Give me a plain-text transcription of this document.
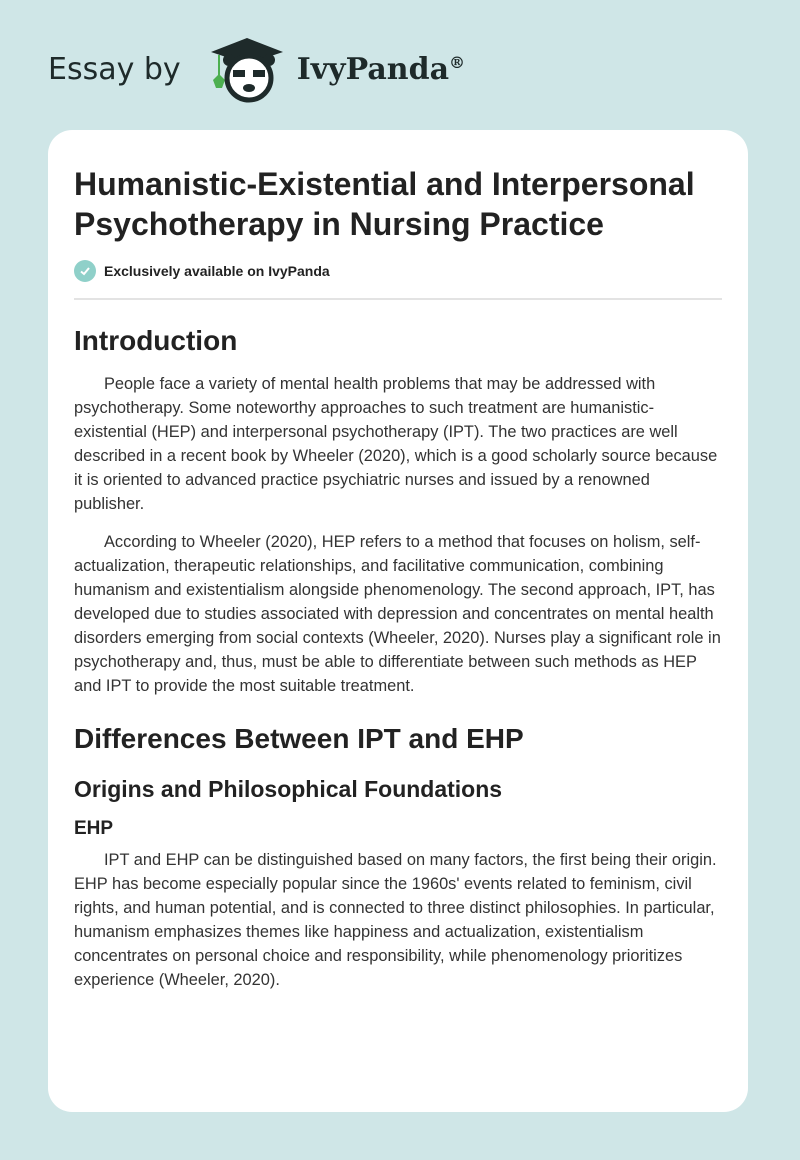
Essay by	IvyPanda®
Humanistic-Existential and Interpersonal Psychotherapy in Nursing Practice
Exclusively available on IvyPanda
Introduction

People face a variety of mental health problems that may be addressed with psychotherapy. Some noteworthy approaches to such treatment are humanistic-existential (HEP) and interpersonal psychotherapy (IPT). The two practices are well described in a recent book by Wheeler (2020), which is a good scholarly source because it is oriented to advanced practice psychiatric nurses and issued by a renowned publisher.

According to Wheeler (2020), HEP refers to a method that focuses on holism, self-actualization, therapeutic relationships, and facilitative communication, combining humanism and existentialism alongside phenomenology. The second approach, IPT, has developed due to studies associated with depression and concentrates on mental health disorders emerging from social contexts (Wheeler, 2020). Nurses play a significant role in psychotherapy and, thus, must be able to differentiate between such methods as HEP and IPT to provide the most suitable treatment.

Differences Between IPT and EHP
Origins and Philosophical Foundations
EHP

IPT and EHP can be distinguished based on many factors, the first being their origin. EHP has become especially popular since the 1960s' events related to feminism, civil rights, and human potential, and is connected to three distinct philosophies. In particular, humanism emphasizes themes like happiness and actualization, existentialism concentrates on personal choice and responsibility, while phenomenology prioritizes experience (Wheeler, 2020).
